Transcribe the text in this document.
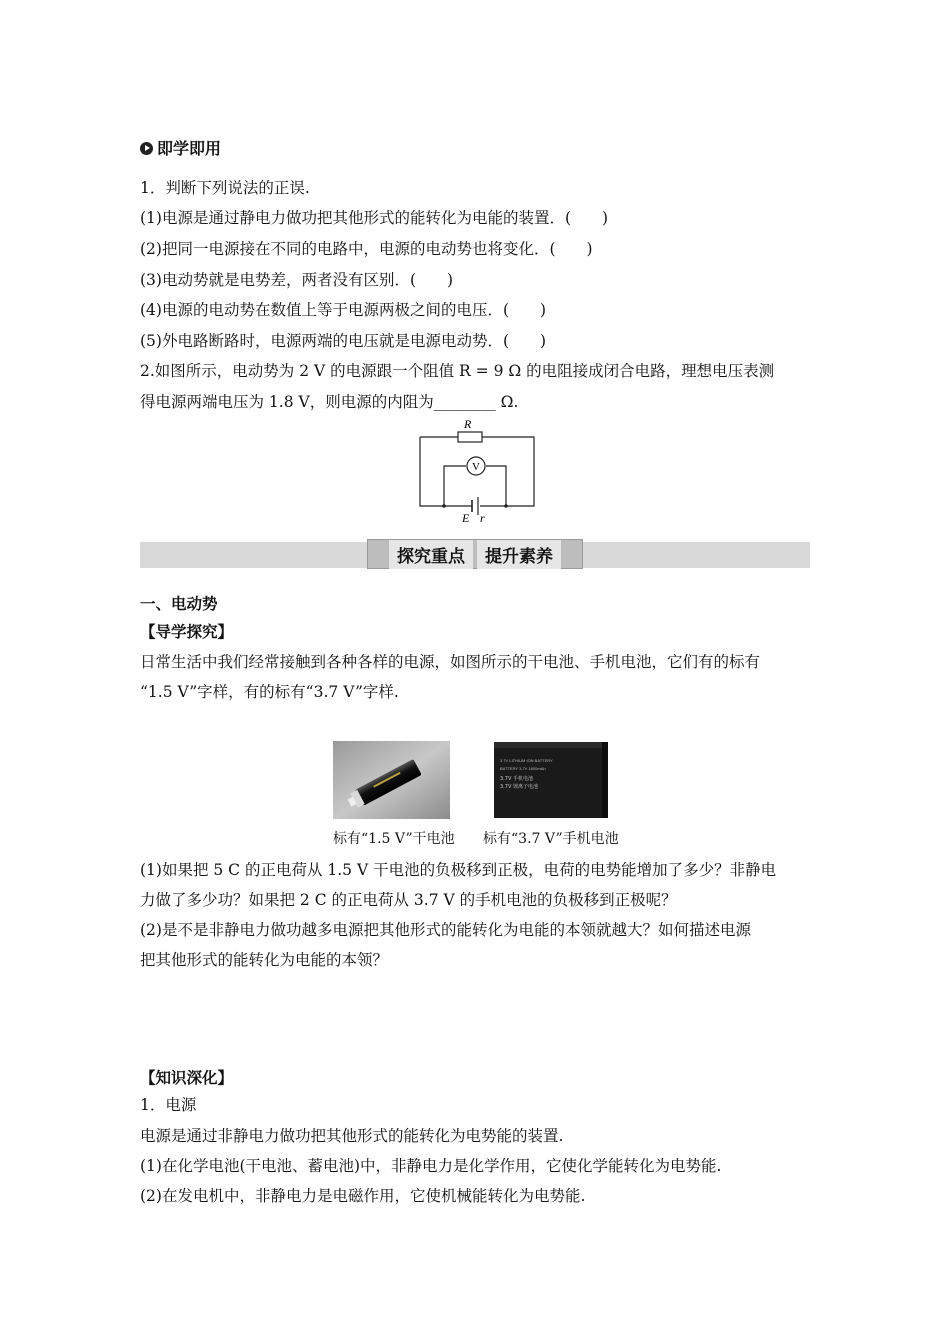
即学即用
1．判断下列说法的正误.
(1)电源是通过静电力做功把其他形式的能转化为电能的装置．(　　)
(2)把同一电源接在不同的电路中，电源的电动势也将变化．(　　)
(3)电动势就是电势差，两者没有区别．(　　)
(4)电源的电动势在数值上等于电源两极之间的电压．(　　)
(5)外电路断路时，电源两端的电压就是电源电动势．(　　)
2.如图所示，电动势为 2 V 的电源跟一个阻值 R = 9 Ω 的电阻接成闭合电路，理想电压表测
得电源两端电压为 1.8 V，则电源的内阻为________ Ω.
R
V
E r
探究重点	提升素养
一、电动势
【导学探究】
日常生活中我们经常接触到各种各样的电源，如图所示的干电池、手机电池，它们有的标有
“1.5 V”字样，有的标有“3.7 V”字样.
3.7V LITHIUM ION BATTERY
BATTERY 3.7V 1800mAh
3.7V 手机电池
3.7V 锂离子电池
标有“1.5 V”干电池 标有“3.7 V”手机电池
(1)如果把 5 C 的正电荷从 1.5 V 干电池的负极移到正极，电荷的电势能增加了多少？非静电
力做了多少功？如果把 2 C 的正电荷从 3.7 V 的手机电池的负极移到正极呢？
(2)是不是非静电力做功越多电源把其他形式的能转化为电能的本领就越大？如何描述电源
把其他形式的能转化为电能的本领？
【知识深化】
1．电源
电源是通过非静电力做功把其他形式的能转化为电势能的装置.
(1)在化学电池(干电池、蓄电池)中，非静电力是化学作用，它使化学能转化为电势能.
(2)在发电机中，非静电力是电磁作用，它使机械能转化为电势能.
